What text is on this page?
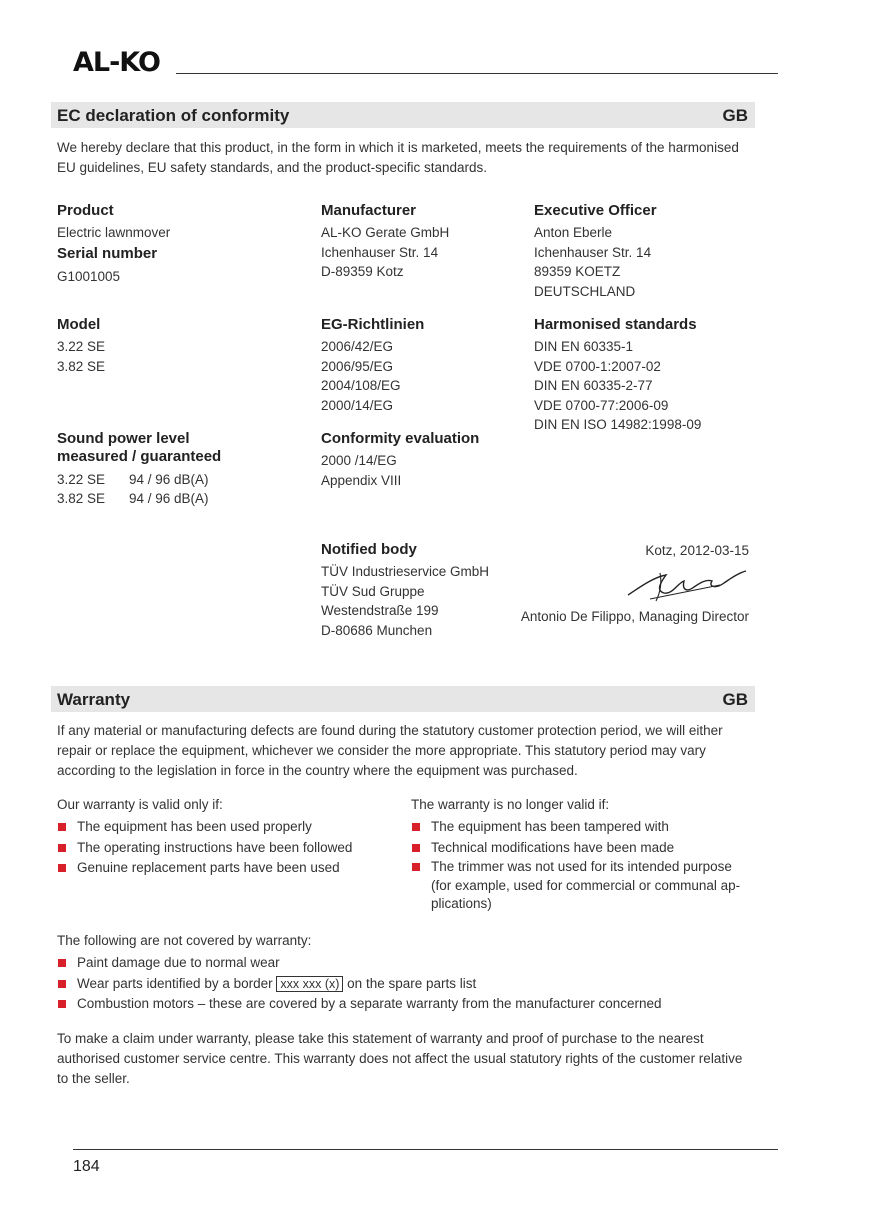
AL-KO
EC declaration of conformity	GB
We hereby declare that this product, in the form in which it is marketed, meets the requirements of the harmonised EU guidelines, EU safety standards, and the product-specific standards.
Product
Electric lawnmover
Serial number
G1001005
Model
3.22 SE
3.82 SE
Sound power level
measured / guaranteed
3.22 SE 94 / 96 dB(A)
3.82 SE 94 / 96 dB(A)
Manufacturer
AL-KO Gerate GmbH
Ichenhauser Str. 14
D-89359 Kotz
EG-Richtlinien
2006/42/EG
2006/95/EG
2004/108/EG
2000/14/EG
Conformity evaluation
2000 /14/EG
Appendix VIII
Notified body
TÜV Industrieservice GmbH
TÜV Sud Gruppe
Westendstraße 199
D-80686 Munchen
Executive Officer
Anton Eberle
Ichenhauser Str. 14
89359 KOETZ
DEUTSCHLAND
Harmonised standards
DIN EN 60335-1
VDE 0700-1:2007-02
DIN EN 60335-2-77
VDE 0700-77:2006-09
DIN EN ISO 14982:1998-09
Kotz, 2012-03-15
Antonio De Filippo, Managing Director
Warranty	GB
If any material or manufacturing defects are found during the statutory customer protection period, we will either repair or replace the equipment, whichever we consider the more appropriate. This statutory period may vary according to the legislation in force in the country where the equipment was purchased.
Our warranty is valid only if:
The equipment has been used properly
The operating instructions have been followed
Genuine replacement parts have been used
The warranty is no longer valid if:
The equipment has been tampered with
Technical modifications have been made
The trimmer was not used for its intended purpose
(for example, used for commercial or communal ap-
plications)
The following are not covered by warranty:
Paint damage due to normal wear
Wear parts identified by a border xxx xxx (x) on the spare parts list
Combustion motors – these are covered by a separate warranty from the manufacturer concerned
To make a claim under warranty, please take this statement of warranty and proof of purchase to the nearest authorised customer service centre. This warranty does not affect the usual statutory rights of the customer relative to the seller.
184
